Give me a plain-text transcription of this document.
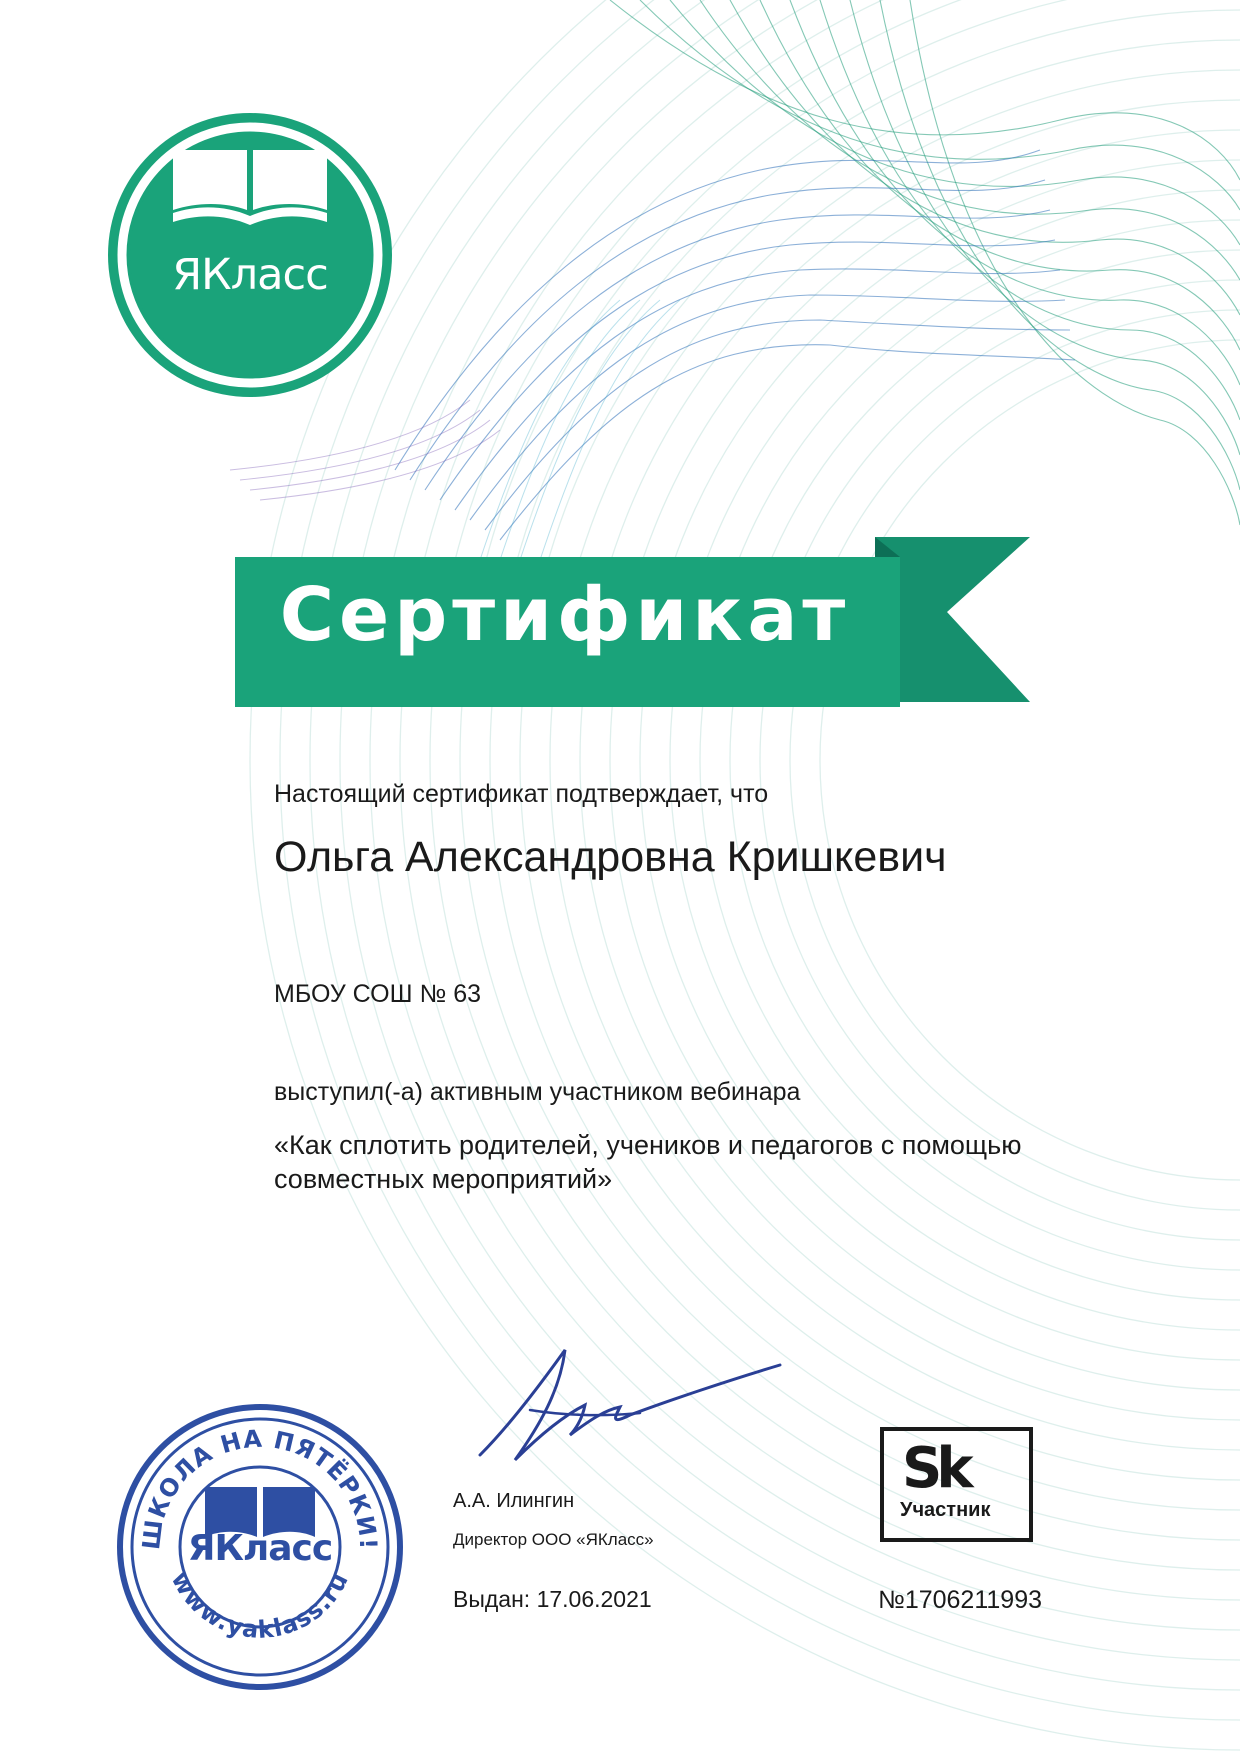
ЯКласс
Сертификат
Настоящий сертификат подтверждает, что
Ольга Александровна Кришкевич
МБОУ СОШ № 63
выступил(-а) активным участником вебинара
«Как сплотить родителей, учеников и педагогов с помощью совместных мероприятий»
ШКОЛА НА ПЯТЁРКИ!
www.yaklass.ru
ЯКласс
А.А. Илингин
Директор ООО «ЯКласс»
Выдан: 17.06.2021
Sk
Участник
№1706211993
